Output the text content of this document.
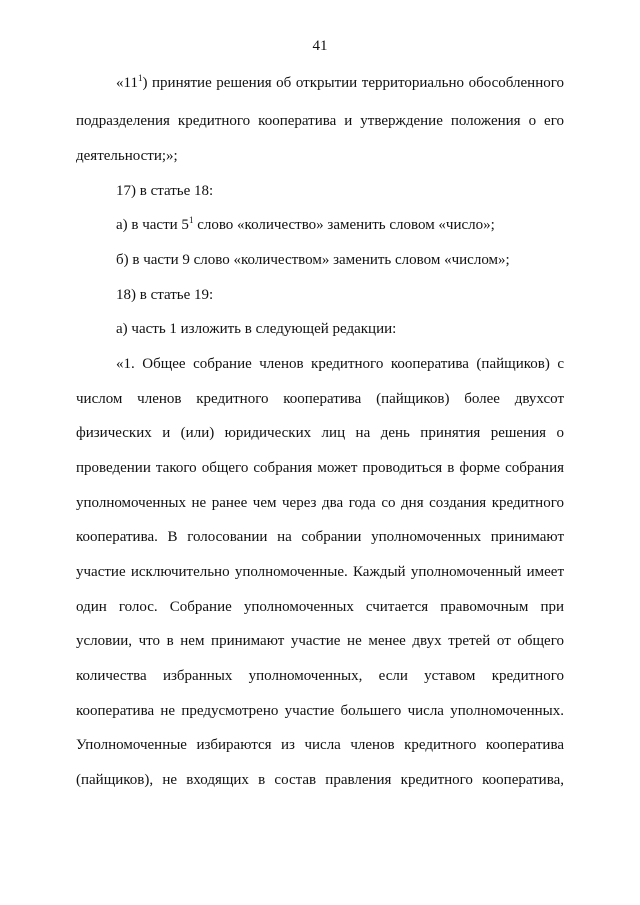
41
«$11^1$) принятие решения об открытии территориально обособленного
подразделения кредитного кооператива и утверждение положения о его
деятельности;»;
17) в статье 18:
а) в части $5^1$ слово «количество» заменить словом «число»;
б) в части 9 слово «количеством» заменить словом «числом»;
18) в статье 19:
а) часть 1 изложить в следующей редакции:
«1. Общее собрание членов кредитного кооператива (пайщиков) с
числом членов кредитного кооператива (пайщиков) более двухсот
физических и (или) юридических лиц на день принятия решения о
проведении такого общего собрания может проводиться в форме собрания
уполномоченных не ранее чем через два года со дня создания кредитного
кооператива. В голосовании на собрании уполномоченных принимают
участие исключительно уполномоченные. Каждый уполномоченный имеет
один голос. Собрание уполномоченных считается правомочным при
условии, что в нем принимают участие не менее двух третей от общего
количества избранных уполномоченных, если уставом кредитного
кооператива не предусмотрено участие большего числа уполномоченных.
Уполномоченные избираются из числа членов кредитного кооператива
(пайщиков), не входящих в состав правления кредитного кооператива,
